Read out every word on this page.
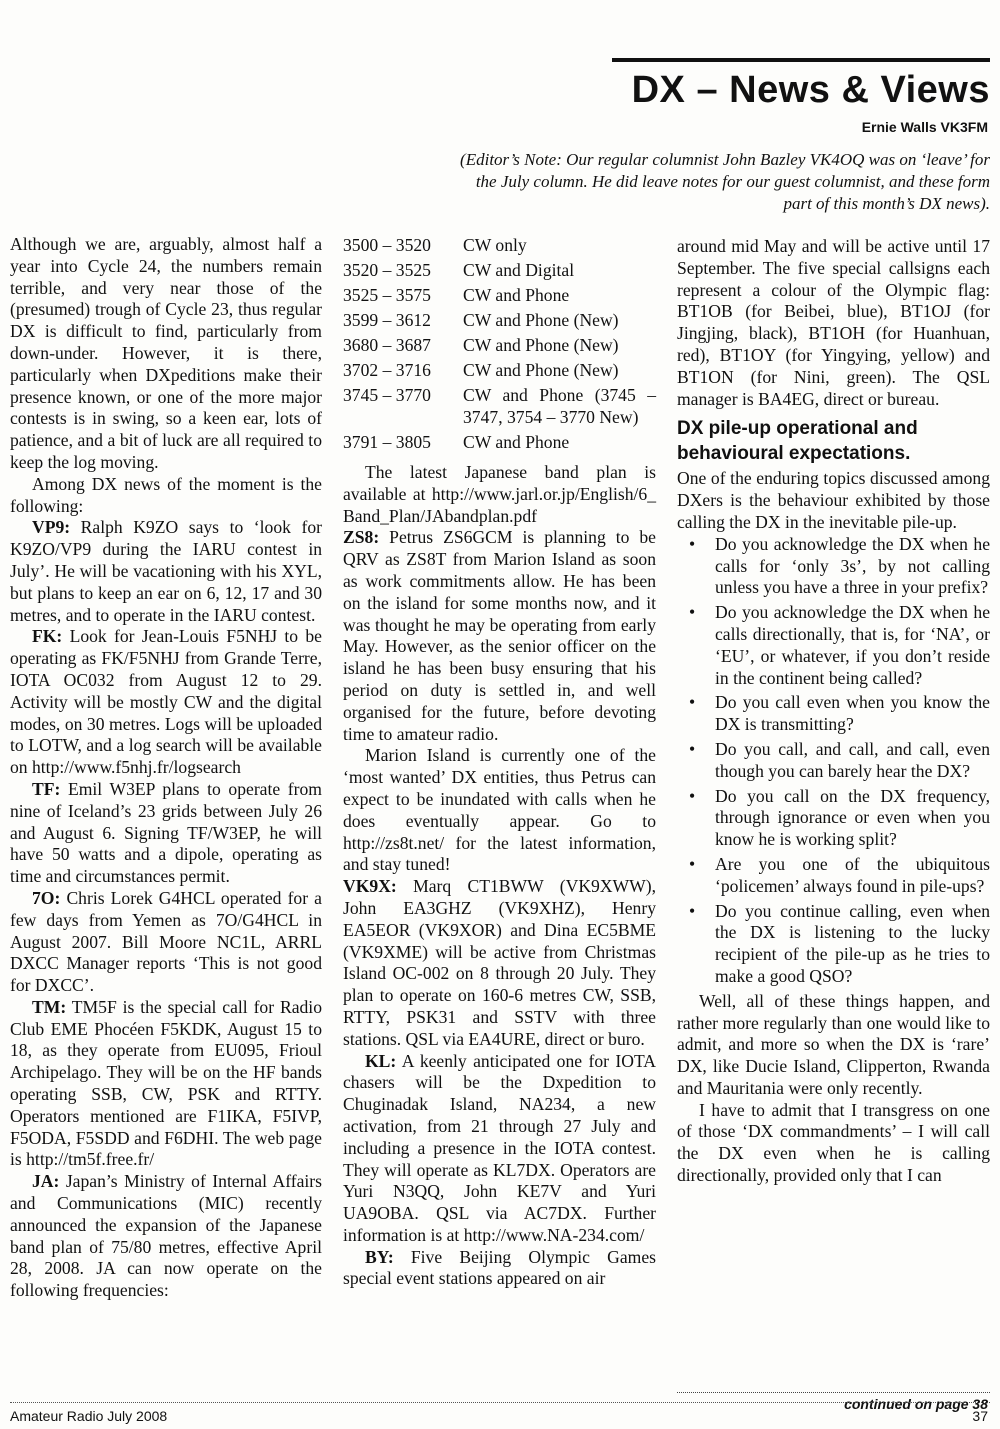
DX – News & Views
Ernie Walls VK3FM
(Editor’s Note: Our regular columnist John Bazley VK4OQ was on ‘leave’ for the July column. He did leave notes for our guest columnist, and these form part of this month’s DX news).

Although we are, arguably, almost half a year into Cycle 24, the numbers remain terrible, and very near those of the (presumed) trough of Cycle 23, thus regular DX is difficult to find, particularly from down-under. However, it is there, particularly when DXpeditions make their presence known, or one of the more major contests is in swing, so a keen ear, lots of patience, and a bit of luck are all required to keep the log moving.

Among DX news of the moment is the following:

VP9: Ralph K9ZO says to ‘look for K9ZO/VP9 during the IARU contest in July’. He will be vacationing with his XYL, but plans to keep an ear on 6, 12, 17 and 30 metres, and to operate in the IARU contest.

FK: Look for Jean-Louis F5NHJ to be operating as FK/F5NHJ from Grande Terre, IOTA OC032 from August 12 to 29. Activity will be mostly CW and the digital modes, on 30 metres. Logs will be uploaded to LOTW, and a log search will be available on http://www.f5nhj.fr/logsearch

TF: Emil W3EP plans to operate from nine of Iceland’s 23 grids between July 26 and August 6. Signing TF/W3EP, he will have 50 watts and a dipole, operating as time and circumstances permit.

7O: Chris Lorek G4HCL operated for a few days from Yemen as 7O/G4HCL in August 2007. Bill Moore NC1L, ARRL DXCC Manager reports ‘This is not good for DXCC’.

TM: TM5F is the special call for Radio Club EME Phocéen F5KDK, August 15 to 18, as they operate from EU095, Frioul Archipelago. They will be on the HF bands operating SSB, CW, PSK and RTTY. Operators mentioned are F1IKA, F5IVP, F5ODA, F5SDD and F6DHI. The web page is http://tm5f.free.fr/

JA: Japan’s Ministry of Internal Affairs and Communications (MIC) recently announced the expansion of the Japanese band plan of 75/80 metres, effective April 28, 2008. JA can now operate on the following frequencies:

3500 – 3520	CW only
3520 – 3525	CW and Digital
3525 – 3575	CW and Phone
3599 – 3612	CW and Phone (New)
3680 – 3687	CW and Phone (New)
3702 – 3716	CW and Phone (New)
3745 – 3770	CW and Phone (3745 – 3747, 3754 – 3770 New)
3791 – 3805	CW and Phone

The latest Japanese band plan is available at http://www.jarl.or.jp/English/6_ Band_Plan/JAbandplan.pdf

ZS8: Petrus ZS6GCM is planning to be QRV as ZS8T from Marion Island as soon as work commitments allow. He has been on the island for some months now, and it was thought he may be operating from early May. However, as the senior officer on the island he has been busy ensuring that his period on duty is settled in, and well organised for the future, before devoting time to amateur radio.

Marion Island is currently one of the ‘most wanted’ DX entities, thus Petrus can expect to be inundated with calls when he does eventually appear. Go to http://zs8t.net/ for the latest information, and stay tuned!

VK9X: Marq CT1BWW (VK9XWW), John EA3GHZ (VK9XHZ), Henry EA5EOR (VK9XOR) and Dina EC5BME (VK9XME) will be active from Christmas Island OC-002 on 8 through 20 July. They plan to operate on 160-6 metres CW, SSB, RTTY, PSK31 and SSTV with three stations. QSL via EA4URE, direct or buro.

KL: A keenly anticipated one for IOTA chasers will be the Dxpedition to Chuginadak Island, NA234, a new activation, from 21 through 27 July and including a presence in the IOTA contest. They will operate as KL7DX. Operators are Yuri N3QQ, John KE7V and Yuri UA9OBA. QSL via AC7DX. Further information is at http://www.NA-234.com/

BY: Five Beijing Olympic Games special event stations appeared on air

around mid May and will be active until 17 September. The five special callsigns each represent a colour of the Olympic flag: BT1OB (for Beibei, blue), BT1OJ (for Jingjing, black), BT1OH (for Huanhuan, red), BT1OY (for Yingying, yellow) and BT1ON (for Nini, green). The QSL manager is BA4EG, direct or bureau.

DX pile-up operational and behavioural expectations.

One of the enduring topics discussed among DXers is the behaviour exhibited by those calling the DX in the inevitable pile-up.

• Do you acknowledge the DX when he calls for ‘only 3s’, by not calling unless you have a three in your prefix?
• Do you acknowledge the DX when he calls directionally, that is, for ‘NA’, or ‘EU’, or whatever, if you don’t reside in the continent being called?
• Do you call even when you know the DX is transmitting?
• Do you call, and call, and call, even though you can barely hear the DX?
• Do you call on the DX frequency, through ignorance or even when you know he is working split?
• Are you one of the ubiquitous ‘policemen’ always found in pile-ups?
• Do you continue calling, even when the DX is listening to the lucky recipient of the pile-up as he tries to make a good QSO?

Well, all of these things happen, and rather more regularly than one would like to admit, and more so when the DX is ‘rare’ DX, like Ducie Island, Clipperton, Rwanda and Mauritania were only recently.

I have to admit that I transgress on one of those ‘DX commandments’ – I will call the DX even when he is calling directionally, provided only that I can

continued on page 38
Amateur Radio July 2008	37
